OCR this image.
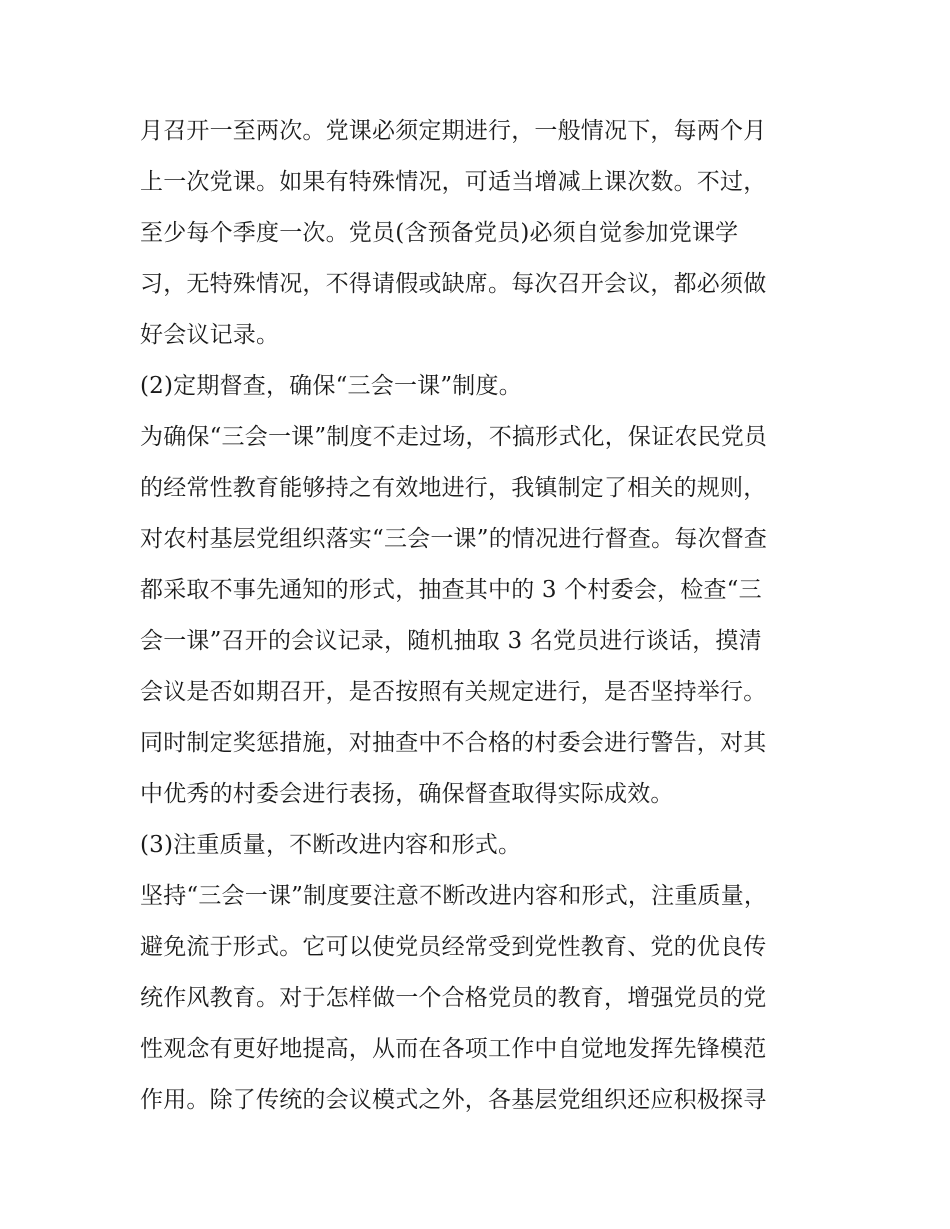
月召开一至两次。党课必须定期进行，一般情况下，每两个月
上一次党课。如果有特殊情况，可适当增减上课次数。不过，
至少每个季度一次。党员(含预备党员)必须自觉参加党课学
习，无特殊情况，不得请假或缺席。每次召开会议，都必须做
好会议记录。
(2)定期督查，确保“三会一课”制度。
为确保“三会一课”制度不走过场，不搞形式化，保证农民党员
的经常性教育能够持之有效地进行，我镇制定了相关的规则，
对农村基层党组织落实“三会一课”的情况进行督查。每次督查
都采取不事先通知的形式，抽查其中的 3 个村委会，检查“三
会一课”召开的会议记录，随机抽取 3 名党员进行谈话，摸清
会议是否如期召开，是否按照有关规定进行，是否坚持举行。
同时制定奖惩措施，对抽查中不合格的村委会进行警告，对其
中优秀的村委会进行表扬，确保督查取得实际成效。
(3)注重质量，不断改进内容和形式。
坚持“三会一课”制度要注意不断改进内容和形式，注重质量，
避免流于形式。它可以使党员经常受到党性教育、党的优良传
统作风教育。对于怎样做一个合格党员的教育，增强党员的党
性观念有更好地提高，从而在各项工作中自觉地发挥先锋模范
作用。除了传统的会议模式之外，各基层党组织还应积极探寻
